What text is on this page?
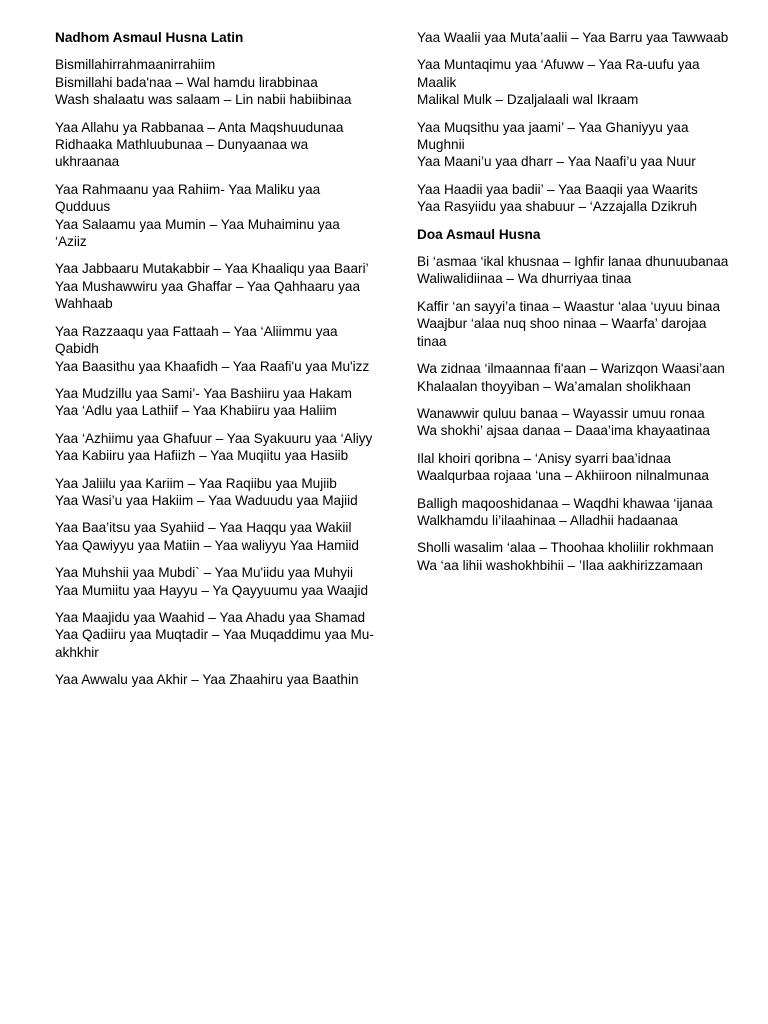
Nadhom Asmaul Husna Latin
Bismillahirrahmaanirrahiim
Bismillahi bada'naa – Wal hamdu lirabbinaa
Wash shalaatu was salaam – Lin nabii habiibinaa
Yaa Allahu ya Rabbanaa – Anta Maqshuudunaa
Ridhaaka Mathluubunaa – Dunyaanaa wa ukhraanaa
Yaa Rahmaanu yaa Rahiim- Yaa Maliku yaa Qudduus
Yaa Salaamu yaa Mumin – Yaa Muhaiminu yaa ‘Aziiz
Yaa Jabbaaru Mutakabbir – Yaa Khaaliqu yaa Baari’
Yaa Mushawwiru yaa Ghaffar – Yaa Qahhaaru yaa Wahhaab
Yaa Razzaaqu yaa Fattaah – Yaa ‘Aliimmu yaa Qabidh
Yaa Baasithu yaa Khaafidh – Yaa Raafi'u yaa Mu'izz
Yaa Mudzillu yaa Sami’- Yaa Bashiiru yaa Hakam
Yaa ‘Adlu yaa Lathiif – Yaa Khabiiru yaa Haliim
Yaa ‘Azhiimu yaa Ghafuur – Yaa Syakuuru yaa ‘Aliyy
Yaa Kabiiru yaa Hafiizh – Yaa Muqiitu yaa Hasiib
Yaa Jaliilu yaa Kariim – Yaa Raqiibu yaa Mujiib
Yaa Wasi’u yaa Hakiim – Yaa Waduudu yaa Majiid
Yaa Baa’itsu yaa Syahiid – Yaa Haqqu yaa Wakiil
Yaa Qawiyyu yaa Matiin – Yaa waliyyu Yaa Hamiid
Yaa Muhshii yaa Mubdi` – Yaa Mu'iidu yaa Muhyii
Yaa Mumiitu yaa Hayyu – Ya Qayyuumu yaa Waajid
Yaa Maajidu yaa Waahid – Yaa Ahadu yaa Shamad
Yaa Qadiiru yaa Muqtadir – Yaa Muqaddimu yaa Mu-akhkhir
Yaa Awwalu yaa Akhir – Yaa Zhaahiru yaa Baathin
Yaa Waalii yaa Muta’aalii – Yaa Barru yaa Tawwaab
Yaa Muntaqimu yaa ‘Afuww – Yaa Ra-uufu yaa Maalik
Malikal Mulk – Dzaljalaali wal Ikraam
Yaa Muqsithu yaa jaami’ – Yaa Ghaniyyu yaa Mughnii
Yaa Maani’u yaa dharr – Yaa Naafi’u yaa Nuur
Yaa Haadii yaa badii’ – Yaa Baaqii yaa Waarits
Yaa Rasyiidu yaa shabuur – ‘Azzajalla Dzikruh
Doa Asmaul Husna
Bi ‘asmaa ‘ikal khusnaa – Ighfir lanaa dhunuubanaa
Waliwalidiinaa – Wa dhurriyaa tinaa
Kaffir ‘an sayyi’a tinaa – Waastur ‘alaa ‘uyuu binaa
Waajbur ‘alaa nuq shoo ninaa – Waarfa’ darojaa tinaa
Wa zidnaa ‘ilmaannaa fi'aan – Warizqon Waasi’aan
Khalaalan thoyyiban – Wa’amalan sholikhaan
Wanawwir quluu banaa – Wayassir umuu ronaa
Wa shokhi’ ajsaa danaa – Daaa’ima khayaatinaa
Ilal khoiri qoribna – ‘Anisy syarri baa’idnaa
Waalqurbaa rojaaa ‘una – Akhiiroon nilnalmunaa
Balligh maqooshidanaa – Waqdhi khawaa ‘ijanaa
Walkhamdu li’ilaahinaa – Alladhii hadaanaa
Sholli wasalim ‘alaa – Thoohaa kholiilir rokhmaan
Wa ‘aa lihii washokhbihii – ’Ilaa aakhirizzamaan
